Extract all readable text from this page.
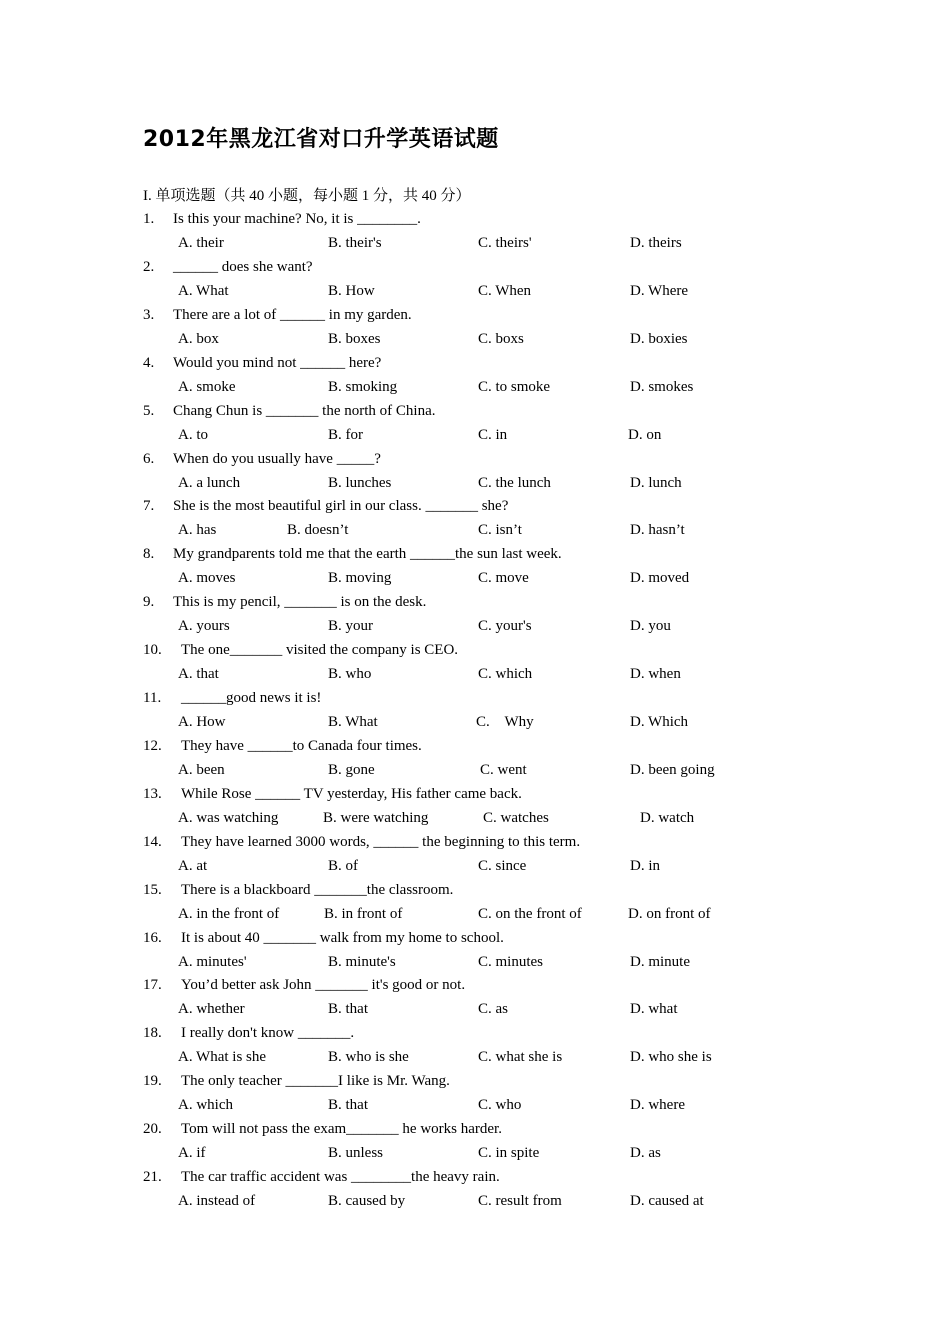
2012年黑龙江省对口升学英语试题
I. 单项选题（共 40 小题，每小题 1 分，共 40 分）
1. Is this your machine? No, it is ________.
A. their	B. their's	C. theirs'	D. theirs
2. ______ does she want?
A. What	B. How	C. When	D. Where
3. There are a lot of ______ in my garden.
A. box	B. boxes	C. boxs	D. boxies
4. Would you mind not ______ here?
A. smoke	B. smoking	C. to smoke	D. smokes
5. Chang Chun is _______ the north of China.
A. to	B. for	C. in	D. on
6. When do you usually have _____?
A. a lunch	B. lunches	C. the lunch	D. lunch
7. She is the most beautiful girl in our class. _______ she?
A. has	B. doesn’t	C. isn’t	D. hasn’t
8. My grandparents told me that the earth ______the sun last week.
A. moves	B. moving	C. move	D. moved
9. This is my pencil, _______ is on the desk.
A. yours	B. your	C. your's	D. you
10. The one_______ visited the company is CEO.
A. that	B. who	C. which	D. when
11. ______good news it is!
A. How	B. What	C.    Why	D. Which
12. They have ______to Canada four times.
A. been	B. gone	C. went	D. been going
13. While Rose ______ TV yesterday, His father came back.
A. was watching	B. were watching	C. watches	D. watch
14. They have learned 3000 words, ______ the beginning to this term.
A. at	B. of	C. since	D. in
15. There is a blackboard _______the classroom.
A. in the front of	B. in front of	C. on the front of	D. on front of
16. It is about 40 _______ walk from my home to school.
A. minutes'	B. minute's	C. minutes	D. minute
17. You’d better ask John _______ it's good or not.
A. whether	B. that	C. as	D. what
18. I really don't know _______.
A. What is she	B. who is she	C. what she is	D. who she is
19. The only teacher _______I like is Mr. Wang.
A. which	B. that	C. who	D. where
20. Tom will not pass the exam_______ he works harder.
A. if	B. unless	C. in spite	D. as
21. The car traffic accident was ________the heavy rain.
A. instead of	B. caused by	C. result from	D. caused at
